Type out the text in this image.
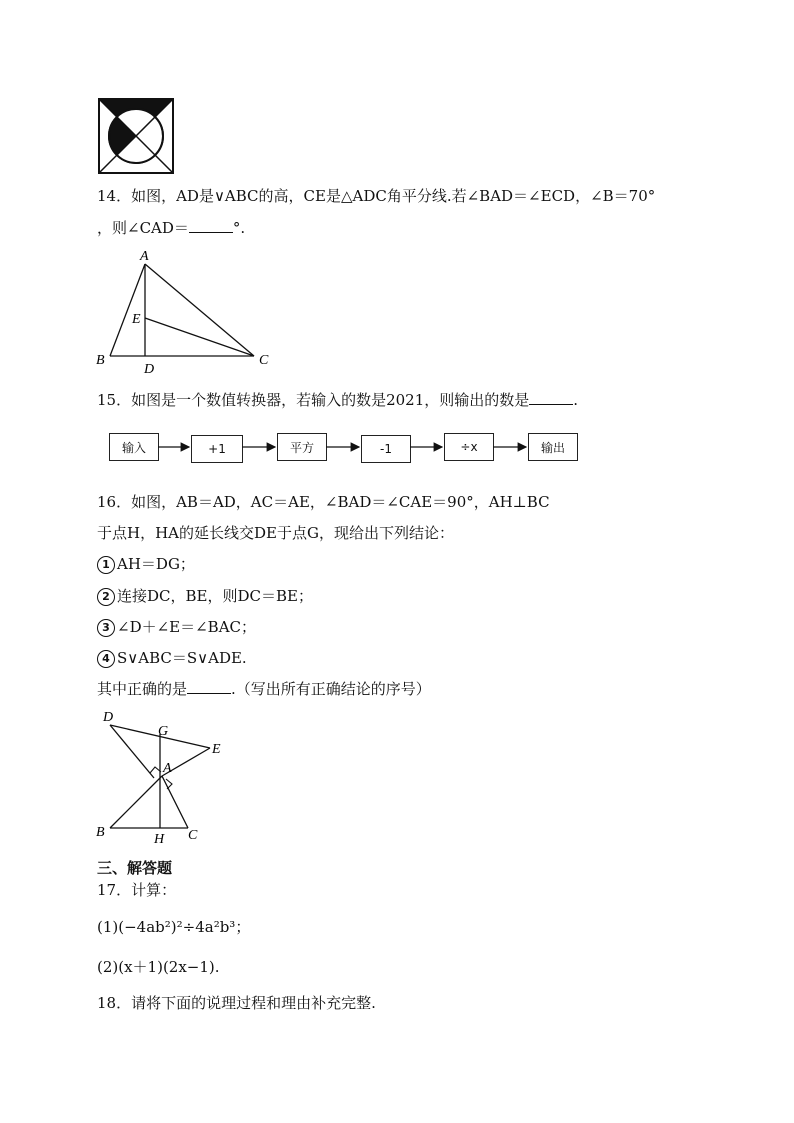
14．如图，AD是∨ABC的高，CE是△ADC角平分线.若∠BAD＝∠ECD，∠B＝70°
，则∠CAD＝	°.
A
E
B
D
C
15．如图是一个数值转换器，若输入的数是2021，则输出的数是	.
输入	+1	平方	-1	÷x	输出
16．如图，AB＝AD，AC＝AE，∠BAD＝∠CAE＝90°，AH⊥BC
于点H，HA的延长线交DE于点G，现给出下列结论：
1 AH＝DG；
2 连接DC，BE，则DC＝BE；
3 ∠D＋∠E＝∠BAC；
4 S∨ABC＝S∨ADE.
其中正确的是	.（写出所有正确结论的序号）
D
G
E
A
B	H C
三、解答题
17．计算：
(1)(−4ab²)²÷4a²b³；
(2)(x＋1)(2x−1).
18．请将下面的说理过程和理由补充完整.
